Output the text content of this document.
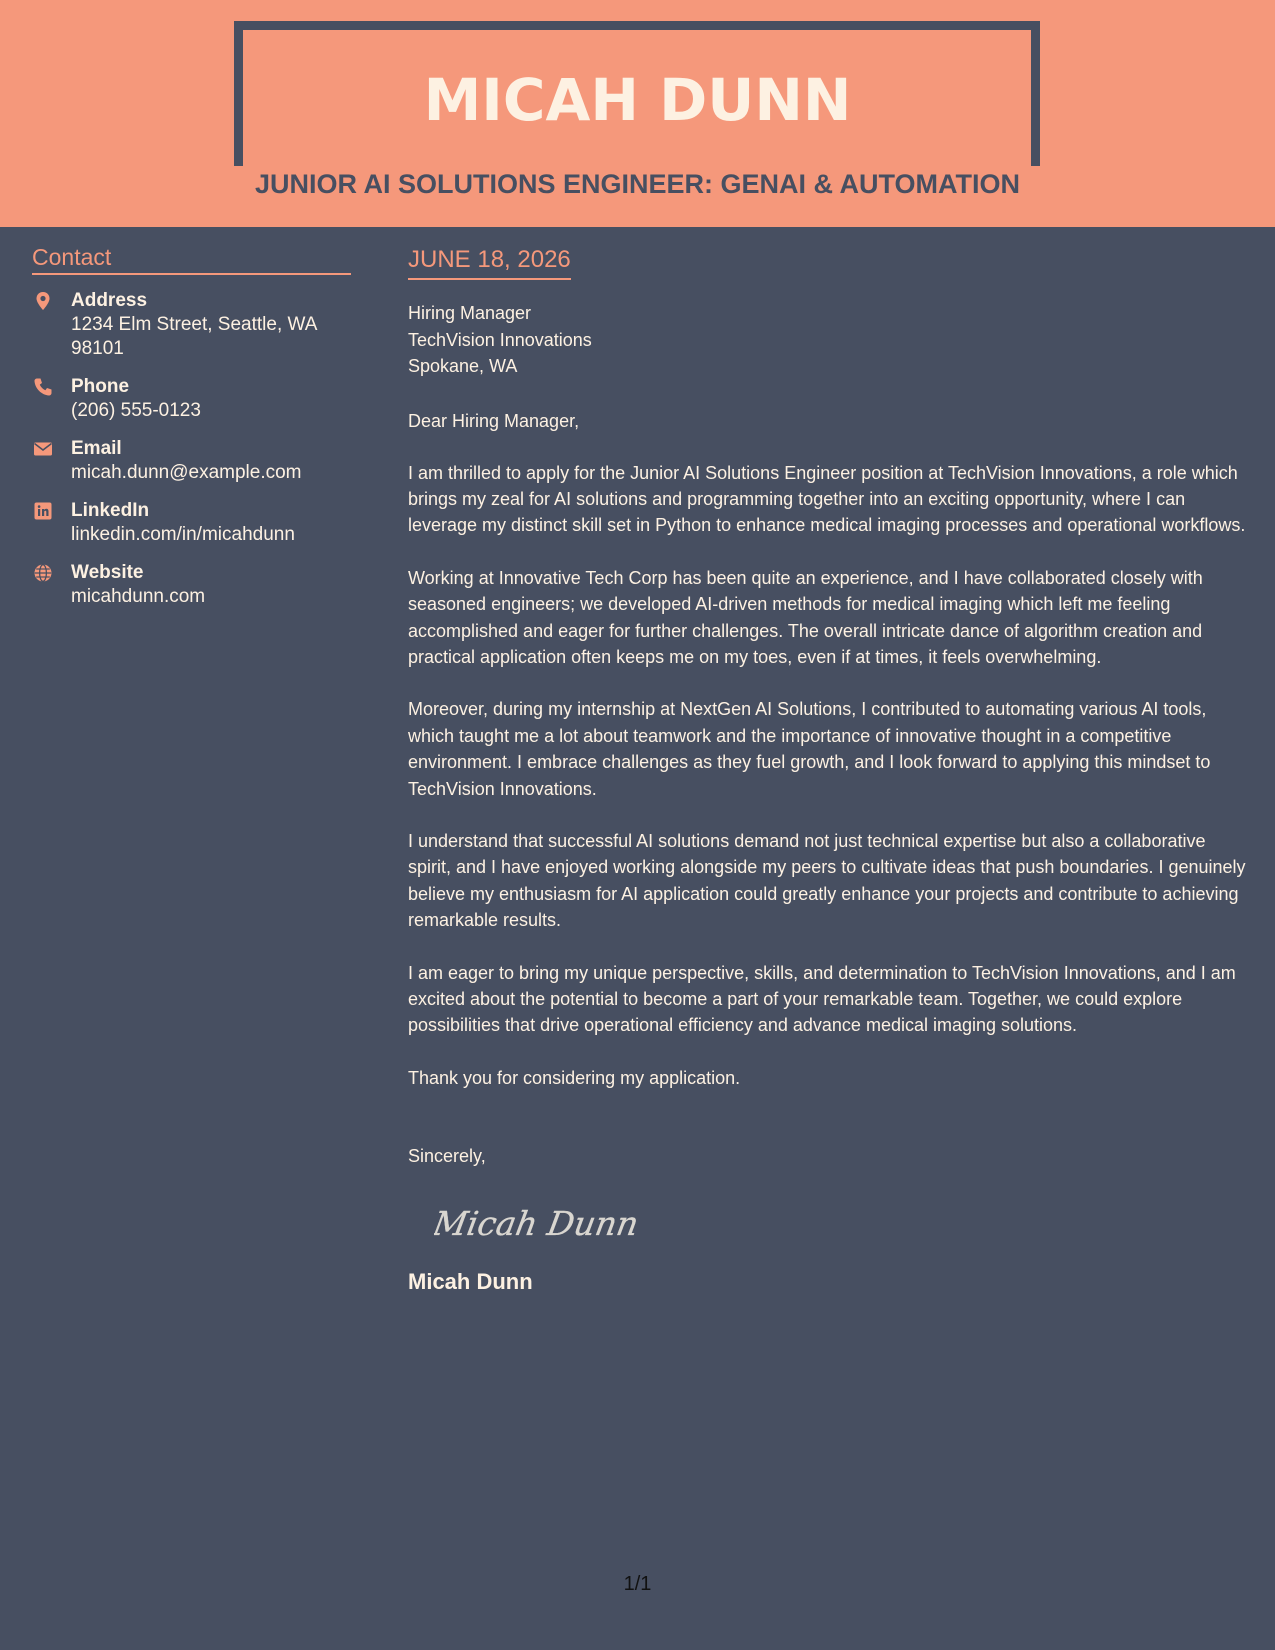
MICAH DUNN
JUNIOR AI SOLUTIONS ENGINEER: GENAI & AUTOMATION
Contact
Address
1234 Elm Street, Seattle, WA 98101
Phone
(206) 555-0123
Email
micah.dunn@example.com
LinkedIn
linkedin.com/in/micahdunn
Website
micahdunn.com
JUNE 18, 2026
Hiring Manager
TechVision Innovations
Spokane, WA
Dear Hiring Manager,
I am thrilled to apply for the Junior AI Solutions Engineer position at TechVision Innovations, a role which brings my zeal for AI solutions and programming together into an exciting opportunity, where I can leverage my distinct skill set in Python to enhance medical imaging processes and operational workflows.
Working at Innovative Tech Corp has been quite an experience, and I have collaborated closely with seasoned engineers; we developed AI-driven methods for medical imaging which left me feeling accomplished and eager for further challenges. The overall intricate dance of algorithm creation and practical application often keeps me on my toes, even if at times, it feels overwhelming.
Moreover, during my internship at NextGen AI Solutions, I contributed to automating various AI tools, which taught me a lot about teamwork and the importance of innovative thought in a competitive environment. I embrace challenges as they fuel growth, and I look forward to applying this mindset to TechVision Innovations.
I understand that successful AI solutions demand not just technical expertise but also a collaborative spirit, and I have enjoyed working alongside my peers to cultivate ideas that push boundaries. I genuinely believe my enthusiasm for AI application could greatly enhance your projects and contribute to achieving remarkable results.
I am eager to bring my unique perspective, skills, and determination to TechVision Innovations, and I am excited about the potential to become a part of your remarkable team. Together, we could explore possibilities that drive operational efficiency and advance medical imaging solutions.
Thank you for considering my application.
Sincerely,
Micah Dunn
Micah Dunn
1/1
